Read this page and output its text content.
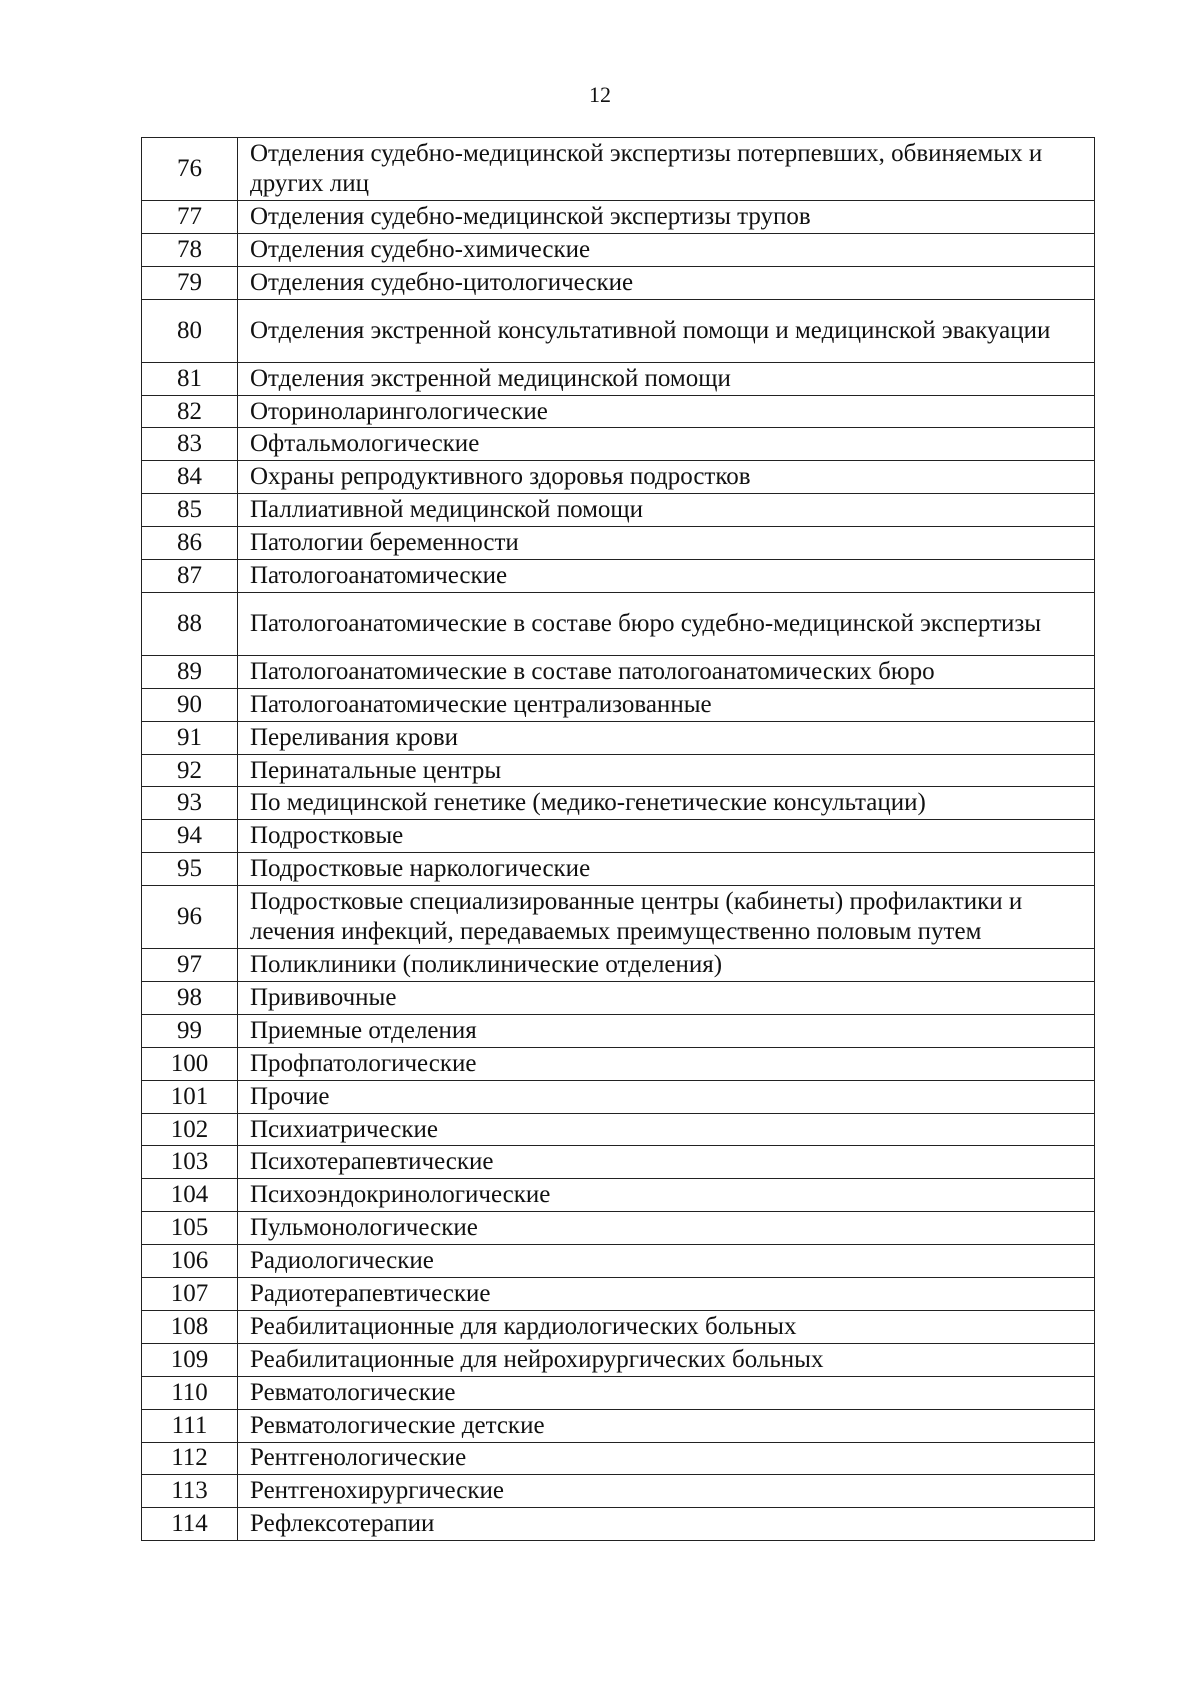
12
76	Отделения судебно-медицинской экспертизы потерпевших, обвиняемых и других лиц
77	Отделения судебно-медицинской экспертизы трупов
78	Отделения судебно-химические
79	Отделения судебно-цитологические
80	Отделения экстренной консультативной помощи и медицинской эвакуации
81	Отделения экстренной медицинской помощи
82	Оториноларингологические
83	Офтальмологические
84	Охраны репродуктивного здоровья подростков
85	Паллиативной медицинской помощи
86	Патологии беременности
87	Патологоанатомические
88	Патологоанатомические в составе бюро судебно-медицинской экспертизы
89	Патологоанатомические в составе патологоанатомических бюро
90	Патологоанатомические централизованные
91	Переливания крови
92	Перинатальные центры
93	По медицинской генетике (медико-генетические консультации)
94	Подростковые
95	Подростковые наркологические
96	Подростковые специализированные центры (кабинеты) профилактики и лечения инфекций, передаваемых преимущественно половым путем
97	Поликлиники (поликлинические отделения)
98	Прививочные
99	Приемные отделения
100	Профпатологические
101	Прочие
102	Психиатрические
103	Психотерапевтические
104	Психоэндокринологические
105	Пульмонологические
106	Радиологические
107	Радиотерапевтические
108	Реабилитационные для кардиологических больных
109	Реабилитационные для нейрохирургических больных
110	Ревматологические
111	Ревматологические детские
112	Рентгенологические
113	Рентгенохирургические
114	Рефлексотерапии
